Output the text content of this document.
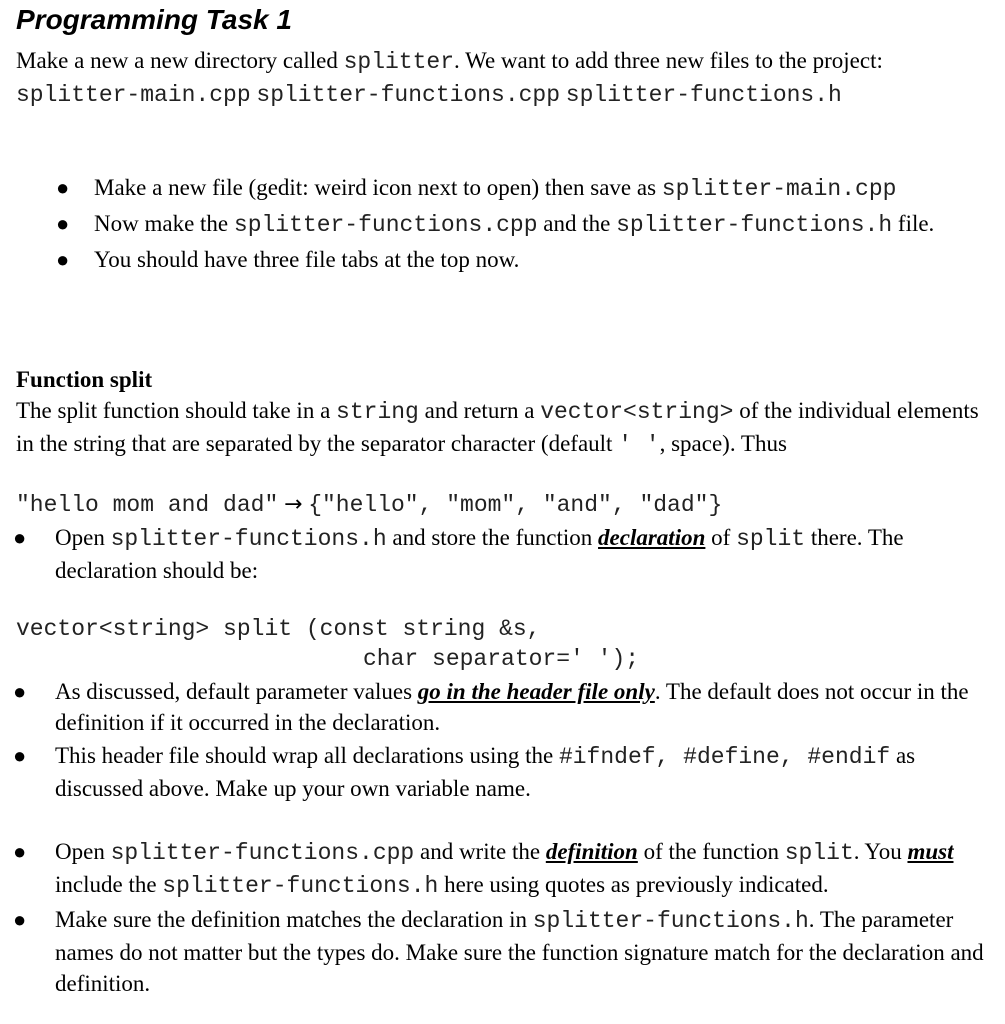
Programming Task 1

Make a new a new directory called splitter. We want to add three new files to the project: splitter-main.cpp splitter-functions.cpp splitter-functions.h

● Make a new file (gedit: weird icon next to open) then save as splitter-main.cpp
● Now make the splitter-functions.cpp and the splitter-functions.h file.
● You should have three file tabs at the top now.

Function split

The split function should take in a string and return a vector<string> of the individual elements in the string that are separated by the separator character (default ' ', space). Thus

"hello mom and dad" → {"hello", "mom", "and", "dad"}

● Open splitter-functions.h and store the function declaration of split there. The declaration should be:
vector<string> split (const string &s,
char separator=' ');
● As discussed, default parameter values go in the header file only. The default does not occur in the definition if it occurred in the declaration.
● This header file should wrap all declarations using the #ifndef, #define, #endif as discussed above. Make up your own variable name.
● Open splitter-functions.cpp and write the definition of the function split. You must include the splitter-functions.h here using quotes as previously indicated.
● Make sure the definition matches the declaration in splitter-functions.h. The parameter names do not matter but the types do. Make sure the function signature match for the declaration and definition.
